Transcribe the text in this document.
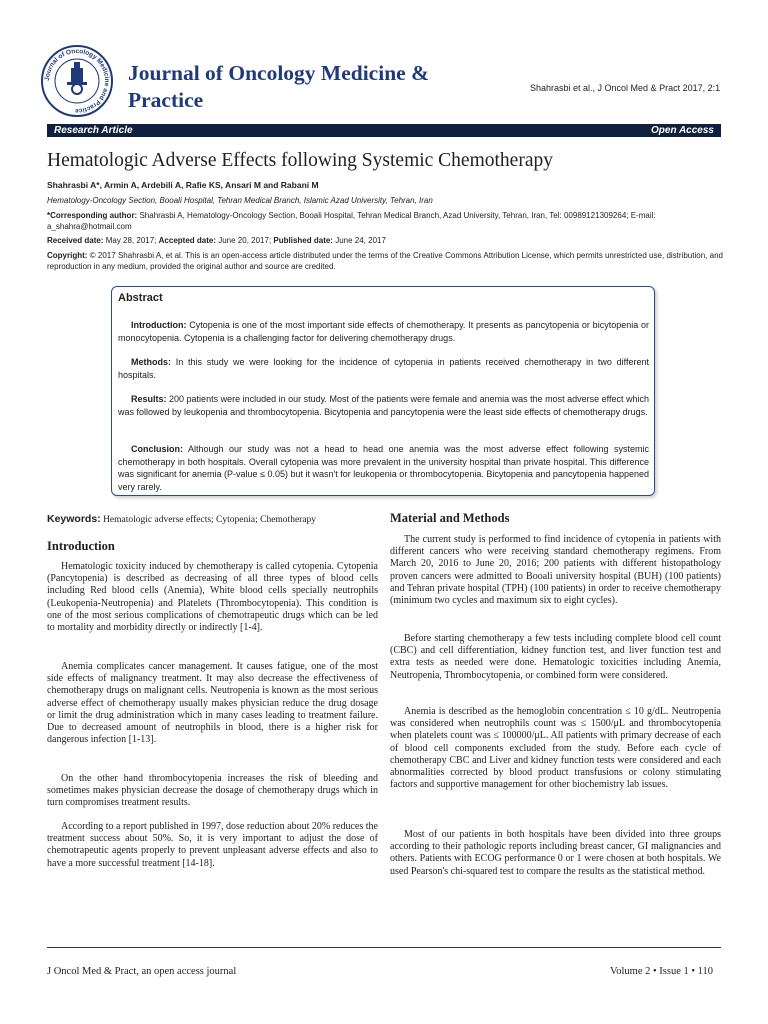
Journal of Oncology Medicine and Practice
Journal of Oncology Medicine & Practice	Shahrasbi et al., J Oncol Med & Pract 2017, 2:1
Research Article	Open Access
Hematologic Adverse Effects following Systemic Chemotherapy
Shahrasbi A*, Armin A, Ardebili A, Rafie KS, Ansari M and Rabani M
Hematology-Oncology Section, Booali Hospital, Tehran Medical Branch, Islamic Azad University, Tehran, Iran
*Corresponding author: Shahrasbi A, Hematology-Oncology Section, Booali Hospital, Tehran Medical Branch, Azad University, Tehran, Iran, Tel: 00989121309264; E-mail: a_shahra@hotmail.com
Received date: May 28, 2017; Accepted date: June 20, 2017; Published date: June 24, 2017
Copyright: © 2017 Shahrasbi A, et al. This is an open-access article distributed under the terms of the Creative Commons Attribution License, which permits unrestricted use, distribution, and reproduction in any medium, provided the original author and source are credited.
Abstract
Introduction: Cytopenia is one of the most important side effects of chemotherapy. It presents as pancytopenia or bicytopenia or monocytopenia. Cytopenia is a challenging factor for delivering chemotherapy drugs.
Methods: In this study we were looking for the incidence of cytopenia in patients received chemotherapy in two different hospitals.
Results: 200 patients were included in our study. Most of the patients were female and anemia was the most adverse effect which was followed by leukopenia and thrombocytopenia. Bicytopenia and pancytopenia were the least side effects of chemotherapy drugs.
Conclusion: Although our study was not a head to head one anemia was the most adverse effect following systemic chemotherapy in both hospitals. Overall cytopenia was more prevalent in the university hospital than private hospital. This difference was significant for anemia (P-value ≤ 0.05) but it wasn't for leukopenia or thrombocytopenia. Bicytopenia and pancytopenia happened very rarely.
Keywords: Hematologic adverse effects; Cytopenia; Chemotherapy
Introduction
Hematologic toxicity induced by chemotherapy is called cytopenia. Cytopenia (Pancytopenia) is described as decreasing of all three types of blood cells including Red blood cells (Anemia), White blood cells specially neutrophils (Leukopenia-Neutropenia) and Platelets (Thrombocytopenia). This condition is one of the most serious complications of chemotrapeutic drugs which can be led to mortality and morbidity directly or indirectly [1-4].
Anemia complicates cancer management. It causes fatigue, one of the most side effects of malignancy treatment. It may also decrease the effectiveness of chemotherapy drugs on malignant cells. Neutropenia is known as the most serious adverse effect of chemotherapy usually makes physician reduce the drug dosage or limit the drug administration which in many cases leading to treatment failure. Due to decreased amount of neutrophils in blood, there is a higher risk for dangerous infection [1-13].
On the other hand thrombocytopenia increases the risk of bleeding and sometimes makes physician decrease the dosage of chemotherapy drugs which in turn compromises treatment results.
According to a report published in 1997, dose reduction about 20% reduces the treatment success about 50%. So, it is very important to adjust the dose of chemotrapeutic agents properly to prevent unpleasant adverse effects and also to have a more successful treatment [14-18].
Material and Methods
The current study is performed to find incidence of cytopenia in patients with different cancers who were receiving standard chemotherapy regimens. From March 20, 2016 to June 20, 2016; 200 patients with different histopathology proven cancers were admitted to Booali university hospital (BUH) (100 patients) and Tehran private hospital (TPH) (100 patients) in order to receive chemotherapy (minimum two cycles and maximum six to eight cycles).
Before starting chemotherapy a few tests including complete blood cell count (CBC) and cell differentiation, kidney function test, and liver function test and extra tests as needed were done. Hematologic toxicities including Anemia, Neutropenia, Thrombocytopenia, or combined form were considered.
Anemia is described as the hemoglobin concentration ≤ 10 g/dL. Neutropenia was considered when neutrophils count was ≤ 1500/μL and thrombocytopenia when platelets count was ≤ 100000/μL. All patients with primary decrease of each of blood cell components excluded from the study. Before each cycle of chemotherapy CBC and Liver and kidney function tests were considered and each abnormalities corrected by blood product transfusions or colony stimulating factors and supportive management for other biochemistry lab issues.
Most of our patients in both hospitals have been divided into three groups according to their pathologic reports including breast cancer, GI malignancies and others. Patients with ECOG performance 0 or 1 were chosen at both hospitals. We used Pearson's chi-squared test to compare the results as the statistical method.
J Oncol Med & Pract, an open access journal	Volume 2 • Issue 1 • 110
